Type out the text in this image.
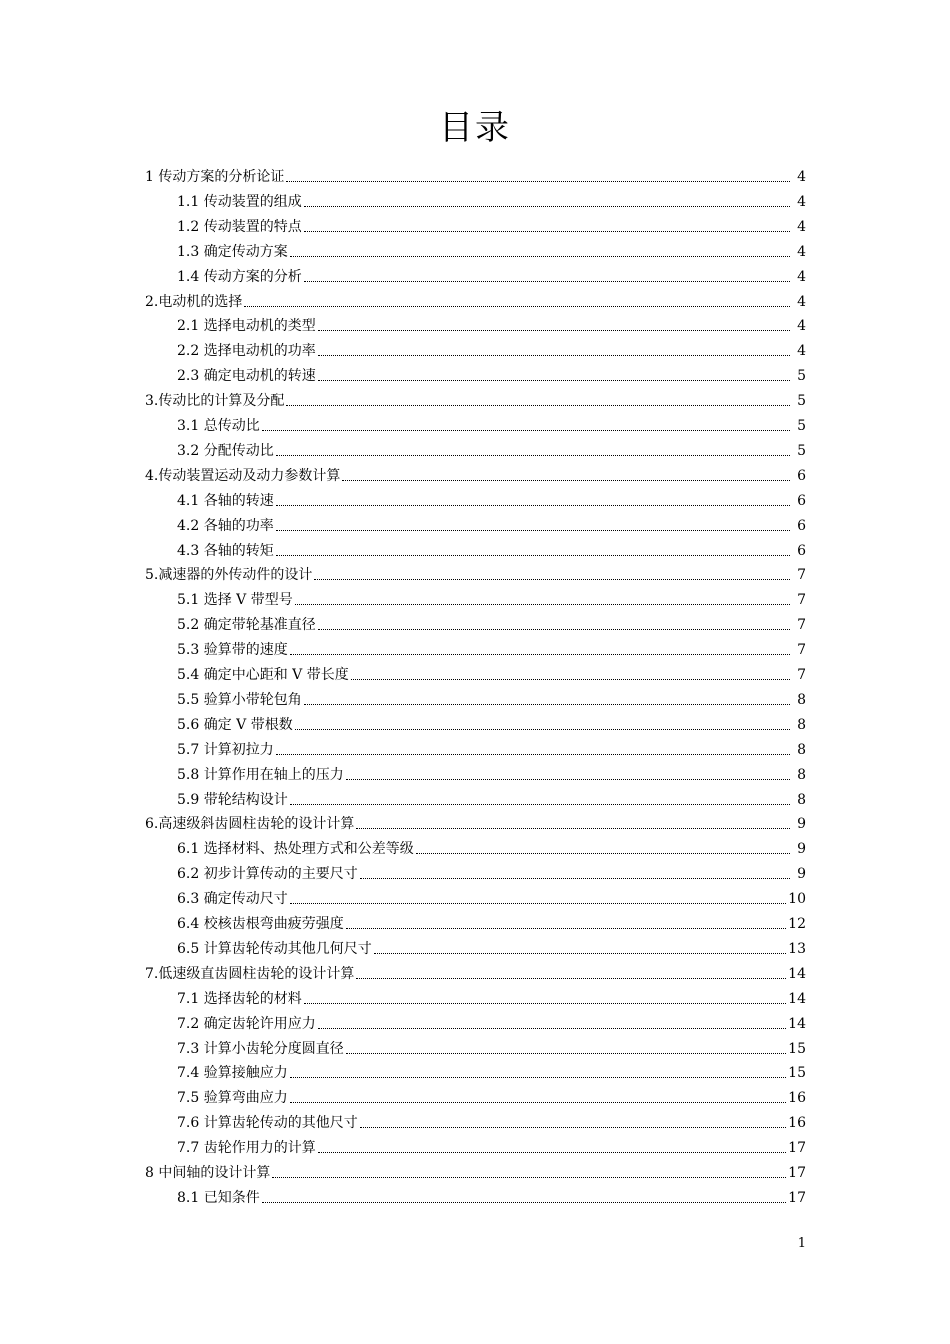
目录
1 传动方案的分析论证	4
1.1 传动装置的组成	4
1.2 传动装置的特点	4
1.3 确定传动方案	4
1.4 传动方案的分析	4
2.电动机的选择	4
2.1 选择电动机的类型	4
2.2 选择电动机的功率	4
2.3 确定电动机的转速	5
3.传动比的计算及分配	5
3.1 总传动比	5
3.2 分配传动比	5
4.传动装置运动及动力参数计算	6
4.1 各轴的转速	6
4.2 各轴的功率	6
4.3 各轴的转矩	6
5.减速器的外传动件的设计	7
5.1 选择 V 带型号	7
5.2 确定带轮基准直径	7
5.3 验算带的速度	7
5.4 确定中心距和 V 带长度	7
5.5 验算小带轮包角	8
5.6 确定 V 带根数	8
5.7 计算初拉力	8
5.8 计算作用在轴上的压力	8
5.9 带轮结构设计	8
6.高速级斜齿圆柱齿轮的设计计算	9
6.1 选择材料、热处理方式和公差等级	9
6.2 初步计算传动的主要尺寸	9
6.3 确定传动尺寸	10
6.4 校核齿根弯曲疲劳强度	12
6.5 计算齿轮传动其他几何尺寸	13
7.低速级直齿圆柱齿轮的设计计算	14
7.1 选择齿轮的材料	14
7.2 确定齿轮许用应力	14
7.3 计算小齿轮分度圆直径	15
7.4 验算接触应力	15
7.5 验算弯曲应力	16
7.6 计算齿轮传动的其他尺寸	16
7.7 齿轮作用力的计算	17
8 中间轴的设计计算	17
8.1 已知条件	17
1
